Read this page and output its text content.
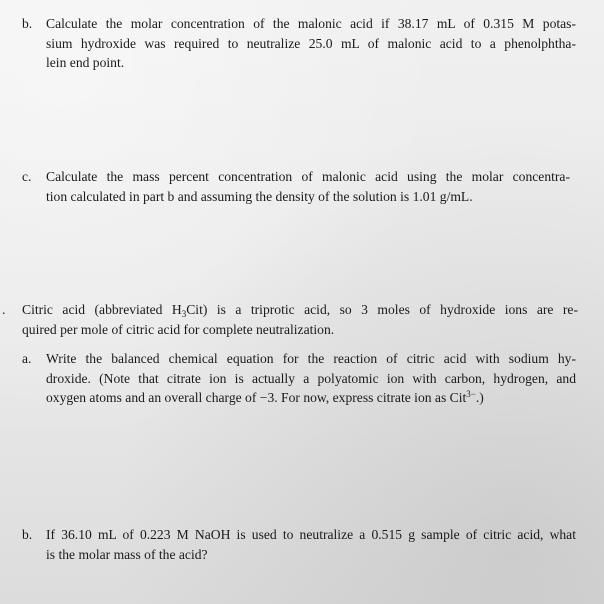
b. Calculate the molar concentration of the malonic acid if 38.17 mL of 0.315 M potas-
sium hydroxide was required to neutralize 25.0 mL of malonic acid to a phenolphtha-
lein end point.
c. Calculate the mass percent concentration of malonic acid using the molar concentra-
tion calculated in part b and assuming the density of the solution is 1.01 g/mL.
. Citric acid (abbreviated $H_3Cit$) is a triprotic acid, so 3 moles of hydroxide ions are re-
quired per mole of citric acid for complete neutralization.
a. Write the balanced chemical equation for the reaction of citric acid with sodium hy-
droxide. (Note that citrate ion is actually a polyatomic ion with carbon, hydrogen, and
oxygen atoms and an overall charge of −3. For now, express citrate ion as Cit$^{3-}$.)
b. If 36.10 mL of 0.223 M NaOH is used to neutralize a 0.515 g sample of citric acid, what
is the molar mass of the acid?
